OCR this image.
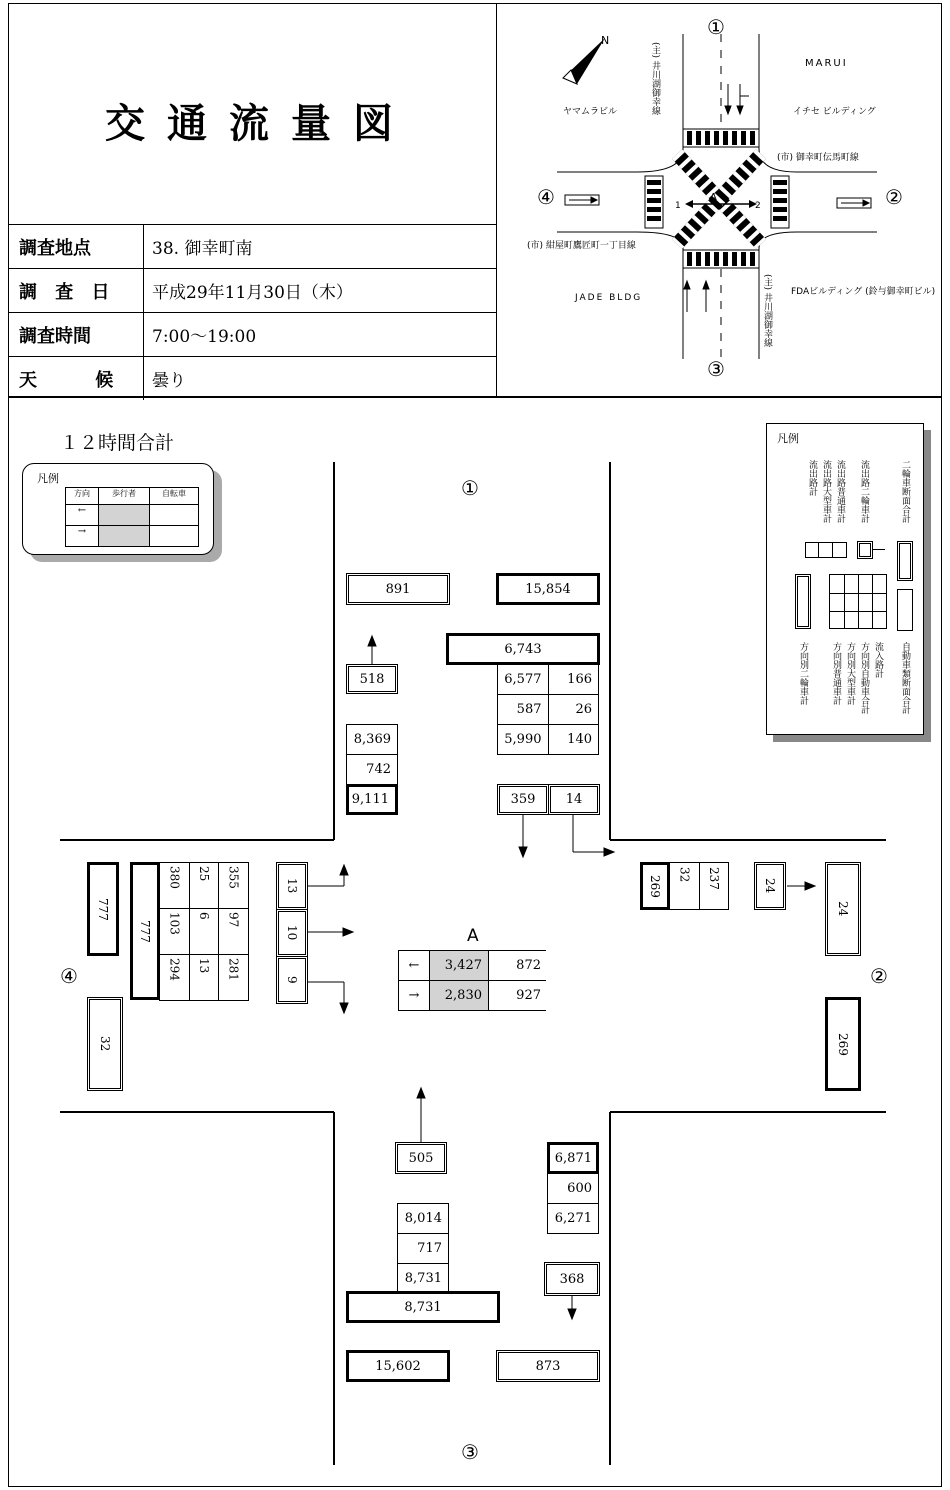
交通流量図
調査地点	38. 御幸町南
調 査 日	平成29年11月30日（木）
調査時間	7:00〜19:00
天 候 曇り
N
A
1	2
①
②
③
④
(主) 井川湖御幸線
(主) 井川湖御幸線
(市) 御幸町伝馬町線
(市) 紺屋町鷹匠町一丁目線
ヤマムラビル
MARUI
イチセ ビルディング
JADE BLDG
FDAビルディング (鈴与御幸町ビル)
１２時間合計
凡例
方向	歩行者	自転車
←
→
凡例
流出路計 流出路大型車計 流出路普通車計 流出路二輪車計	二輪車断面合計
方向別二輪車計	方向別普通車計 方向別大型車計 方向別自動車合計 流入路計 自動車類断面合計
①
②
③
④
891	15,854
6,743
518	6,577	166
587	26
5,990	140
8,369
742
9,111	359	14
269 32 237	24
24
269
777
777
380 25 355
103 6 97
294 13 281
13
10
9
32
A
←	3,427	872
→	2,830	927
505	6,871
600
6,271
8,014
717
8,731	368
8,731
15,602	873
